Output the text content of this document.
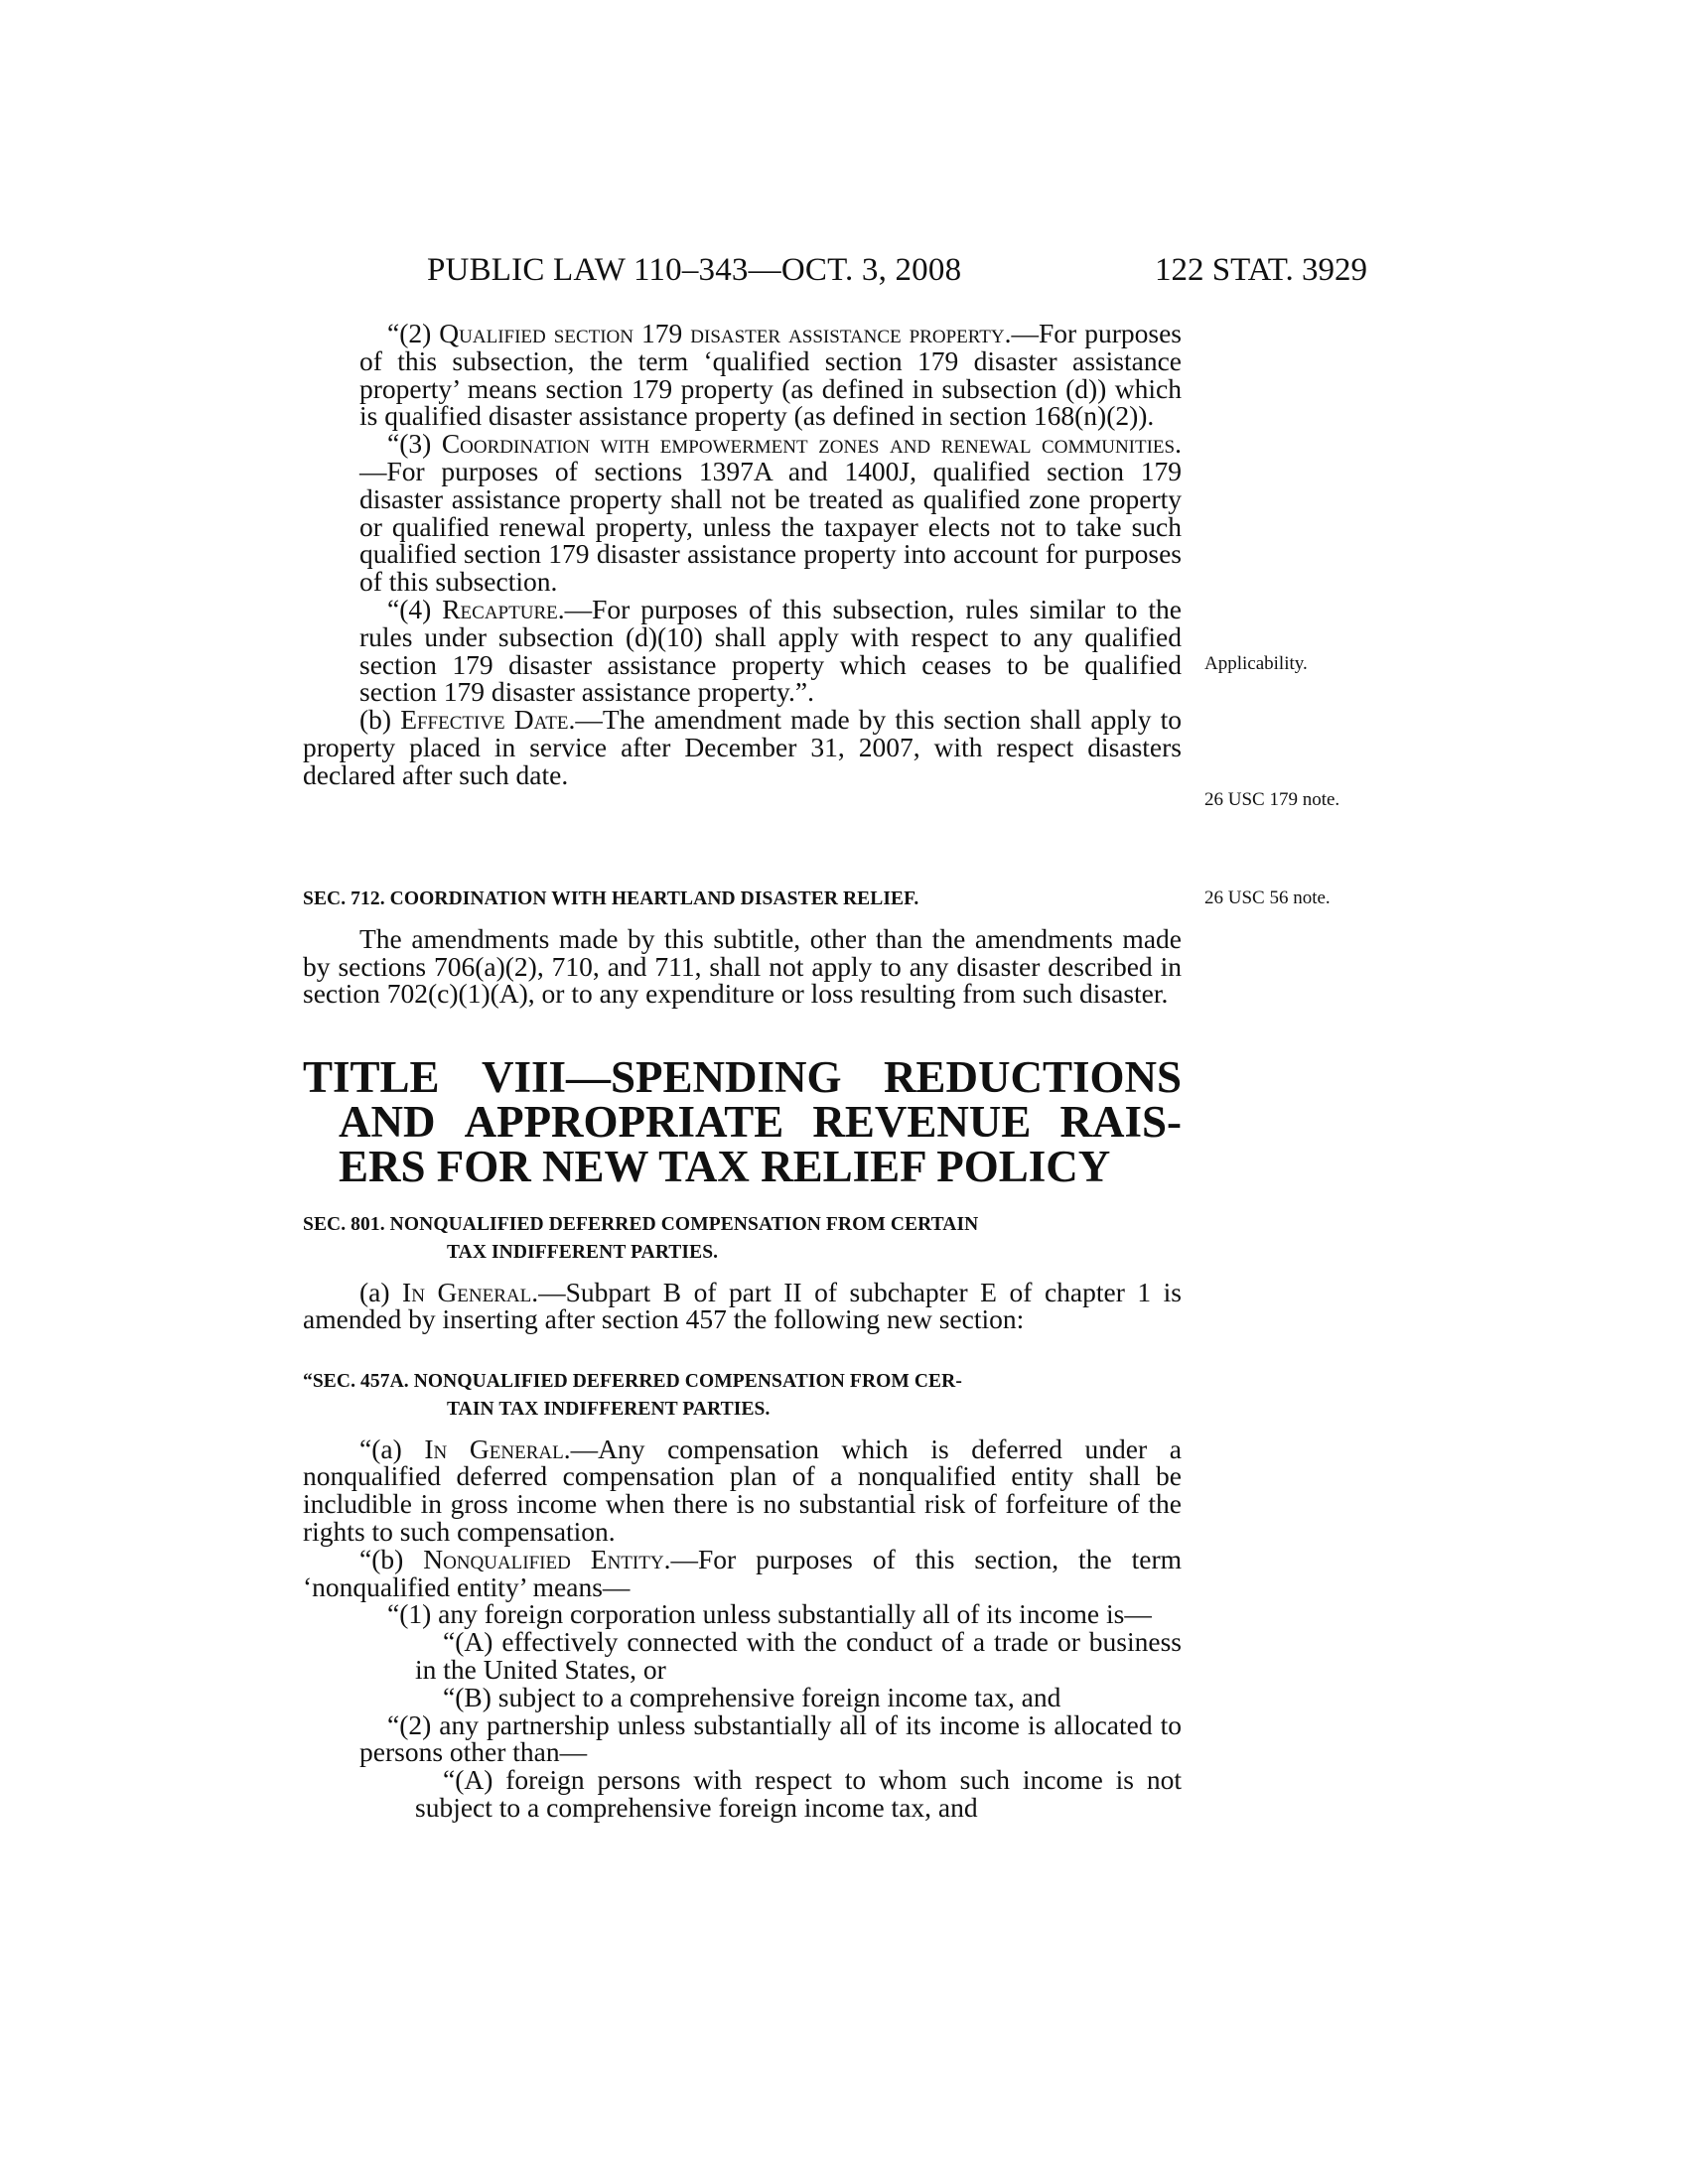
PUBLIC LAW 110–343—OCT. 3, 2008	122 STAT. 3929

“(2) Qualified section 179 disaster assistance property.—For purposes of this subsection, the term ‘qualified section 179 disaster assistance property’ means section 179 property (as defined in subsection (d)) which is qualified disaster assistance property (as defined in section 168(n)(2)).

“(3) Coordination with empowerment zones and renewal communities.—For purposes of sections 1397A and 1400J, qualified section 179 disaster assistance property shall not be treated as qualified zone property or qualified renewal property, unless the taxpayer elects not to take such qualified section 179 disaster assistance property into account for purposes of this subsection.

“(4) Recapture.—For purposes of this subsection, rules similar to the rules under subsection (d)(10) shall apply with respect to any qualified section 179 disaster assistance property which ceases to be qualified section 179 disaster assistance property.”.

(b) Effective Date.—The amendment made by this section shall apply to property placed in service after December 31, 2007, with respect disasters declared after such date.

SEC. 712. COORDINATION WITH HEARTLAND DISASTER RELIEF.

The amendments made by this subtitle, other than the amendments made by sections 706(a)(2), 710, and 711, shall not apply to any disaster described in section 702(c)(1)(A), or to any expenditure or loss resulting from such disaster.

TITLE VIII—SPENDING REDUCTIONS
AND APPROPRIATE REVENUE RAIS-
ERS FOR NEW TAX RELIEF POLICY

SEC. 801. NONQUALIFIED DEFERRED COMPENSATION FROM CERTAIN
TAX INDIFFERENT PARTIES.

(a) In General.—Subpart B of part II of subchapter E of chapter 1 is amended by inserting after section 457 the following new section:

“SEC. 457A. NONQUALIFIED DEFERRED COMPENSATION FROM CER-
TAIN TAX INDIFFERENT PARTIES.

“(a) In General.—Any compensation which is deferred under a nonqualified deferred compensation plan of a nonqualified entity shall be includible in gross income when there is no substantial risk of forfeiture of the rights to such compensation.

“(b) Nonqualified Entity.—For purposes of this section, the term ‘nonqualified entity’ means—

“(1) any foreign corporation unless substantially all of its income is—

“(A) effectively connected with the conduct of a trade or business in the United States, or

“(B) subject to a comprehensive foreign income tax, and

“(2) any partnership unless substantially all of its income is allocated to persons other than—

“(A) foreign persons with respect to whom such income is not subject to a comprehensive foreign income tax, and

Applicability.
26 USC 179 note.
26 USC 56 note.
